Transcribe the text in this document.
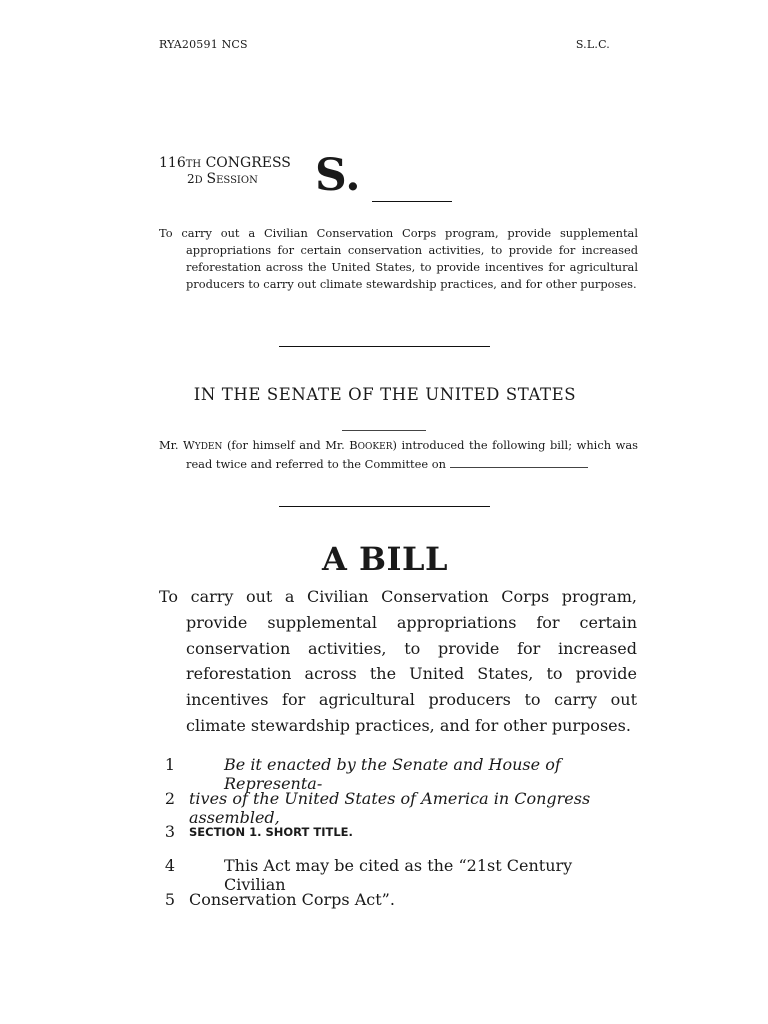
RYA20591 NCS	S.L.C.
116TH CONGRESS
2D SESSION S.
To carry out a Civilian Conservation Corps program, provide supplemental appropriations for certain conservation activities, to provide for increased reforestation across the United States, to provide incentives for agricultural producers to carry out climate stewardship practices, and for other purposes.
IN THE SENATE OF THE UNITED STATES
Mr. WYDEN (for himself and Mr. BOOKER) introduced the following bill; which was read twice and referred to the Committee on
A BILL
To carry out a Civilian Conservation Corps program, provide supplemental appropriations for certain conservation activities, to provide for increased reforestation across the United States, to provide incentives for agricultural producers to carry out climate stewardship practices, and for other purposes.
1	Be it enacted by the Senate and House of Representa-
2 tives of the United States of America in Congress assembled,
3 SECTION 1. SHORT TITLE.
4	This Act may be cited as the “21st Century Civilian
5 Conservation Corps Act”.
